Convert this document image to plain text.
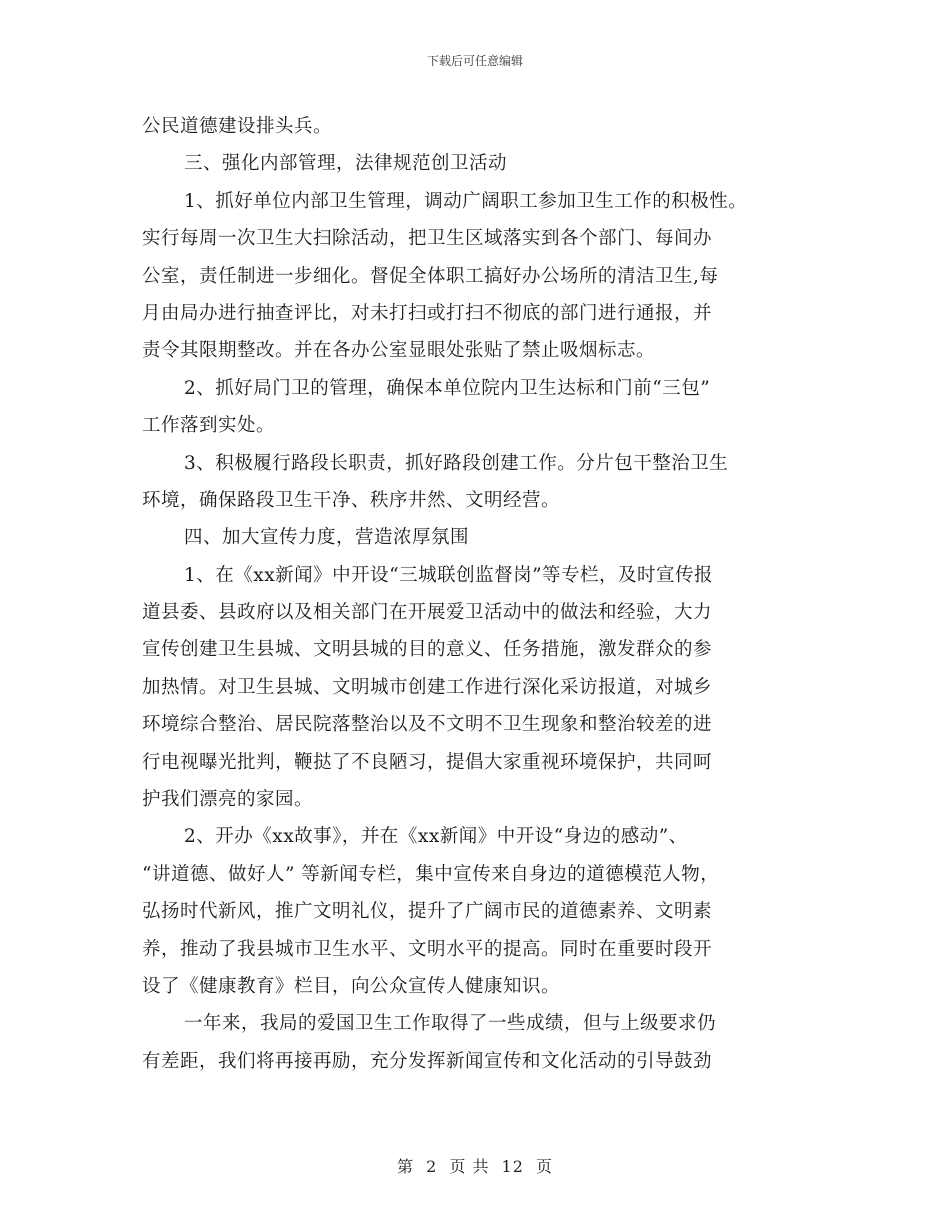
下载后可任意编辑
公民道德建设排头兵。
三、强化内部管理，法律规范创卫活动
1、抓好单位内部卫生管理，调动广阔职工参加卫生工作的积极性。
实行每周一次卫生大扫除活动，把卫生区域落实到各个部门、每间办
公室，责任制进一步细化。督促全体职工搞好办公场所的清洁卫生,每
月由局办进行抽查评比，对未打扫或打扫不彻底的部门进行通报，并
责令其限期整改。并在各办公室显眼处张贴了禁止吸烟标志。
2、抓好局门卫的管理，确保本单位院内卫生达标和门前“三包”
工作落到实处。
3、积极履行路段长职责，抓好路段创建工作。分片包干整治卫生
环境，确保路段卫生干净、秩序井然、文明经营。
四、加大宣传力度，营造浓厚氛围
1、在《xx新闻》中开设“三城联创监督岗”等专栏，及时宣传报
道县委、县政府以及相关部门在开展爱卫活动中的做法和经验，大力
宣传创建卫生县城、文明县城的目的意义、任务措施，激发群众的参
加热情。对卫生县城、文明城市创建工作进行深化采访报道，对城乡
环境综合整治、居民院落整治以及不文明不卫生现象和整治较差的进
行电视曝光批判，鞭挞了不良陋习，提倡大家重视环境保护，共同呵
护我们漂亮的家园。
2、开办《xx故事》，并在《xx新闻》中开设“身边的感动”、
“讲道德、做好人” 等新闻专栏，集中宣传来自身边的道德模范人物，
弘扬时代新风，推广文明礼仪，提升了广阔市民的道德素养、文明素
养，推动了我县城市卫生水平、文明水平的提高。同时在重要时段开
设了《健康教育》栏目，向公众宣传人健康知识。
一年来，我局的爱国卫生工作取得了一些成绩，但与上级要求仍
有差距，我们将再接再励，充分发挥新闻宣传和文化活动的引导鼓劲
第 2 页 共 12 页
